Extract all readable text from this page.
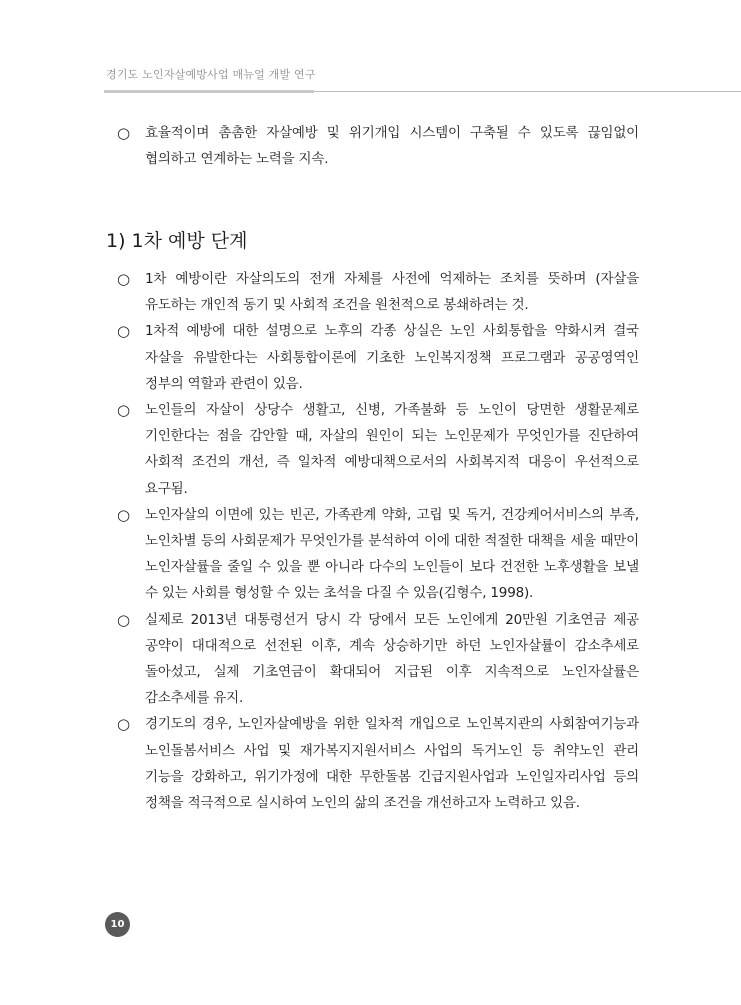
경기도 노인자살예방사업 매뉴얼 개발 연구
○ 효율적이며 촘촘한 자살예방 및 위기개입 시스템이 구축될 수 있도록 끊임없이 협의하고 연계하는 노력을 지속.
1) 1차 예방 단계
○ 1차 예방이란 자살의도의 전개 자체를 사전에 억제하는 조치를 뜻하며 (자살을 유도하는 개인적 동기 및 사회적 조건을 원천적으로 봉쇄하려는 것.
○ 1차적 예방에 대한 설명으로 노후의 각종 상실은 노인 사회통합을 약화시켜 결국 자살을 유발한다는 사회통합이론에 기초한 노인복지정책 프로그램과 공공영역인 정부의 역할과 관련이 있음.
○ 노인들의 자살이 상당수 생활고, 신병, 가족불화 등 노인이 당면한 생활문제로 기인한다는 점을 감안할 때, 자살의 원인이 되는 노인문제가 무엇인가를 진단하여 사회적 조건의 개선, 즉 일차적 예방대책으로서의 사회복지적 대응이 우선적으로 요구됨.
○ 노인자살의 이면에 있는 빈곤, 가족관계 약화, 고립 및 독거, 건강케어서비스의 부족, 노인차별 등의 사회문제가 무엇인가를 분석하여 이에 대한 적절한 대책을 세울 때만이 노인자살률을 줄일 수 있을 뿐 아니라 다수의 노인들이 보다 건전한 노후생활을 보낼 수 있는 사회를 형성할 수 있는 초석을 다질 수 있음(김형수, 1998).
○ 실제로 2013년 대통령선거 당시 각 당에서 모든 노인에게 20만원 기초연금 제공 공약이 대대적으로 선전된 이후, 계속 상승하기만 하던 노인자살률이 감소추세로 돌아섰고, 실제 기초연금이 확대되어 지급된 이후 지속적으로 노인자살률은 감소추세를 유지.
○ 경기도의 경우, 노인자살예방을 위한 일차적 개입으로 노인복지관의 사회참여기능과 노인돌봄서비스 사업 및 재가복지지원서비스 사업의 독거노인 등 취약노인 관리 기능을 강화하고, 위기가정에 대한 무한돌봄 긴급지원사업과 노인일자리사업 등의 정책을 적극적으로 실시하여 노인의 삶의 조건을 개선하고자 노력하고 있음.
10
